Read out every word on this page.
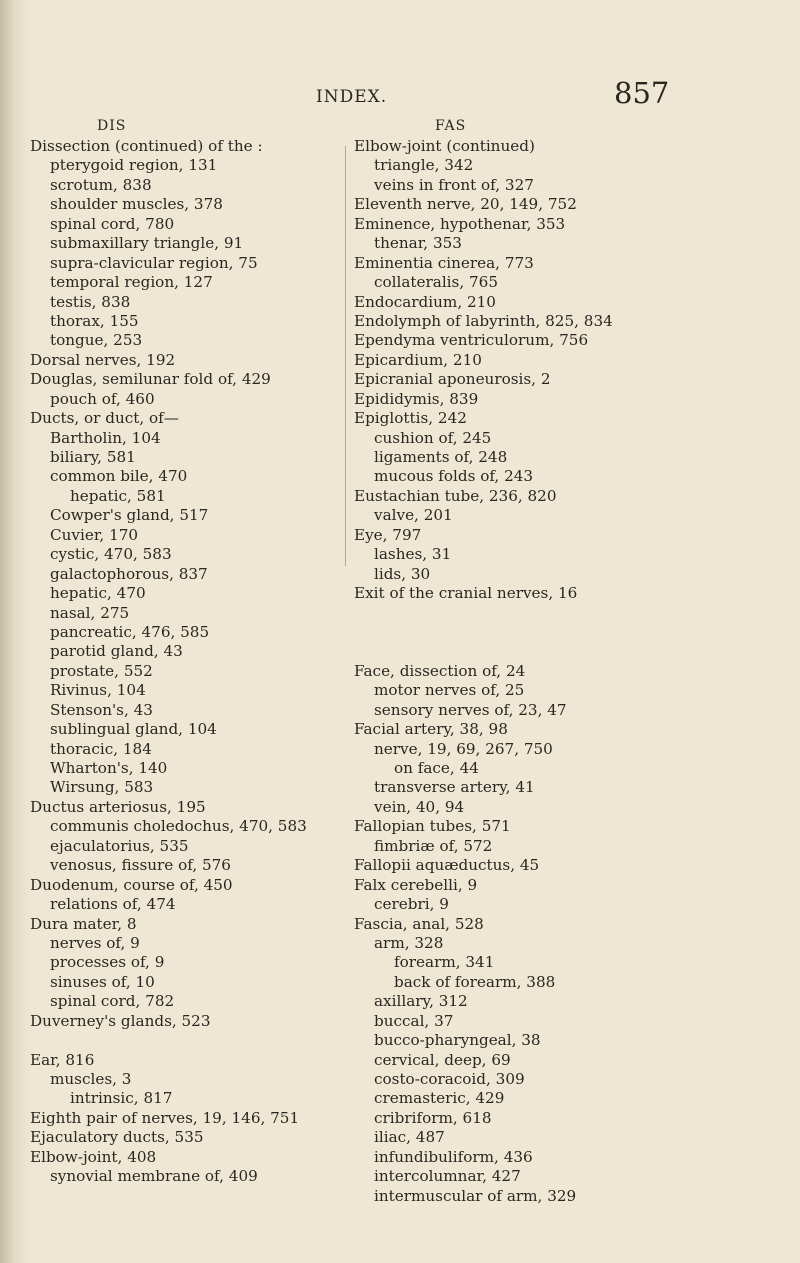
INDEX.	857
DIS	FAS
Dissection (continued) of the :
pterygoid region, 131
scrotum, 838
shoulder muscles, 378
spinal cord, 780
submaxillary triangle, 91
supra-clavicular region, 75
temporal region, 127
testis, 838
thorax, 155
tongue, 253
Dorsal nerves, 192
Douglas, semilunar fold of, 429
pouch of, 460
Ducts, or duct, of—
Bartholin, 104
biliary, 581
common bile, 470
hepatic, 581
Cowper's gland, 517
Cuvier, 170
cystic, 470, 583
galactophorous, 837
hepatic, 470
nasal, 275
pancreatic, 476, 585
parotid gland, 43
prostate, 552
Rivinus, 104
Stenson's, 43
sublingual gland, 104
thoracic, 184
Wharton's, 140
Wirsung, 583
Ductus arteriosus, 195
communis choledochus, 470, 583
ejaculatorius, 535
venosus, fissure of, 576
Duodenum, course of, 450
relations of, 474
Dura mater, 8
nerves of, 9
processes of, 9
sinuses of, 10
spinal cord, 782
Duverney's glands, 523
Ear, 816
muscles, 3
intrinsic, 817
Eighth pair of nerves, 19, 146, 751
Ejaculatory ducts, 535
Elbow-joint, 408
synovial membrane of, 409
Elbow-joint (continued)
triangle, 342
veins in front of, 327
Eleventh nerve, 20, 149, 752
Eminence, hypothenar, 353
thenar, 353
Eminentia cinerea, 773
collateralis, 765
Endocardium, 210
Endolymph of labyrinth, 825, 834
Ependyma ventriculorum, 756
Epicardium, 210
Epicranial aponeurosis, 2
Epididymis, 839
Epiglottis, 242
cushion of, 245
ligaments of, 248
mucous folds of, 243
Eustachian tube, 236, 820
valve, 201
Eye, 797
lashes, 31
lids, 30
Exit of the cranial nerves, 16
Face, dissection of, 24
motor nerves of, 25
sensory nerves of, 23, 47
Facial artery, 38, 98
nerve, 19, 69, 267, 750
on face, 44
transverse artery, 41
vein, 40, 94
Fallopian tubes, 571
fimbriæ of, 572
Fallopii aquæductus, 45
Falx cerebelli, 9
cerebri, 9
Fascia, anal, 528
arm, 328
forearm, 341
back of forearm, 388
axillary, 312
buccal, 37
bucco-pharyngeal, 38
cervical, deep, 69
costo-coracoid, 309
cremasteric, 429
cribriform, 618
iliac, 487
infundibuliform, 436
intercolumnar, 427
intermuscular of arm, 329
